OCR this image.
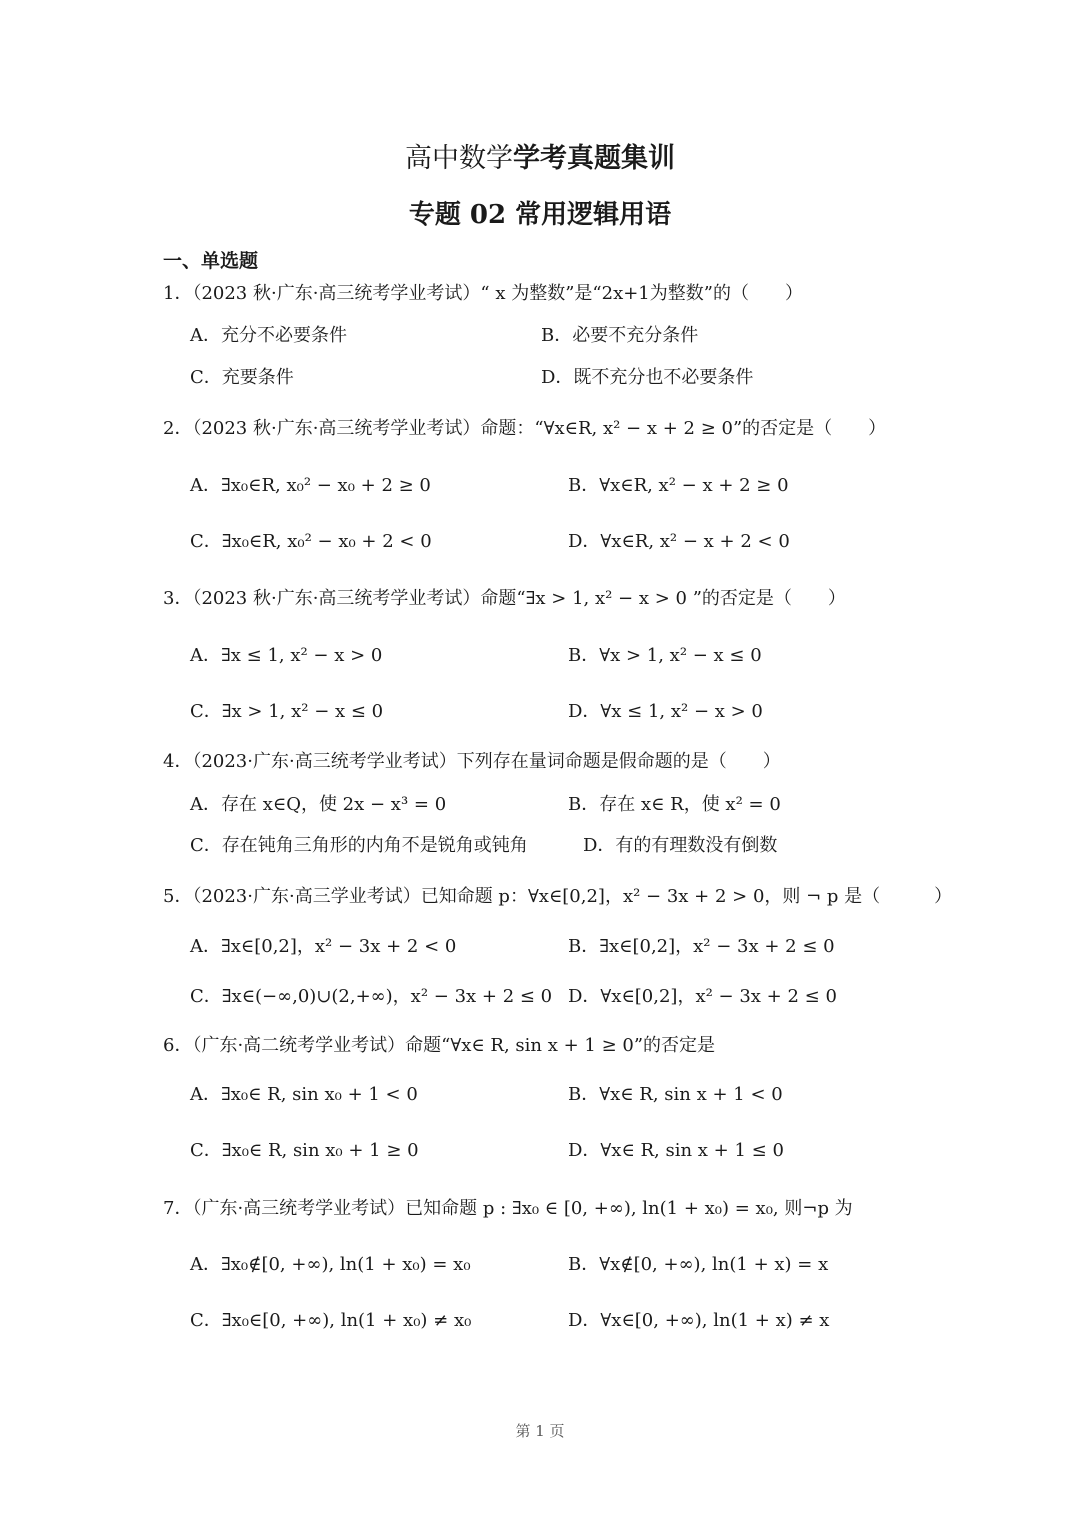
高中数学学考真题集训
专题 02 常用逻辑用语
一、单选题
1．（2023 秋·广东·高三统考学业考试）“ x 为整数”是“2x+1为整数”的（　　）
A．充分不必要条件	B．必要不充分条件
C．充要条件	D．既不充分也不必要条件
2．（2023 秋·广东·高三统考学业考试）命题：“∀x∈R, x² − x + 2 ≥ 0”的否定是（　　）
A．∃x₀∈R, x₀² − x₀ + 2 ≥ 0	B．∀x∈R, x² − x + 2 ≥ 0
C．∃x₀∈R, x₀² − x₀ + 2 < 0	D．∀x∈R, x² − x + 2 < 0
3．（2023 秋·广东·高三统考学业考试）命题“∃x > 1, x² − x > 0 ”的否定是（　　）
A．∃x ≤ 1, x² − x > 0	B．∀x > 1, x² − x ≤ 0
C．∃x > 1, x² − x ≤ 0	D．∀x ≤ 1, x² − x > 0
4．（2023·广东·高三统考学业考试）下列存在量词命题是假命题的是（　　）
A．存在 x∈Q，使 2x − x³ = 0	B．存在 x∈ R，使 x² = 0
C．存在钝角三角形的内角不是锐角或钝角	D．有的有理数没有倒数
5．（2023·广东·高三学业考试）已知命题 p：∀x∈[0,2]，x² − 3x + 2 > 0，则 ¬ p 是（　　　）
A．∃x∈[0,2]，x² − 3x + 2 < 0	B．∃x∈[0,2]，x² − 3x + 2 ≤ 0
C．∃x∈(−∞,0)∪(2,+∞)，x² − 3x + 2 ≤ 0 D．∀x∈[0,2]，x² − 3x + 2 ≤ 0
6．（广东·高二统考学业考试）命题“∀x∈ R, sin x + 1 ≥ 0”的否定是
A．∃x₀∈ R, sin x₀ + 1 < 0	B．∀x∈ R, sin x + 1 < 0
C．∃x₀∈ R, sin x₀ + 1 ≥ 0	D．∀x∈ R, sin x + 1 ≤ 0
7．（广东·高三统考学业考试）已知命题 p : ∃x₀ ∈ [0, +∞), ln(1 + x₀) = x₀, 则¬p 为
A．∃x₀∉[0, +∞), ln(1 + x₀) = x₀	B．∀x∉[0, +∞), ln(1 + x) = x
C．∃x₀∈[0, +∞), ln(1 + x₀) ≠ x₀	D．∀x∈[0, +∞), ln(1 + x) ≠ x
第 1 页
